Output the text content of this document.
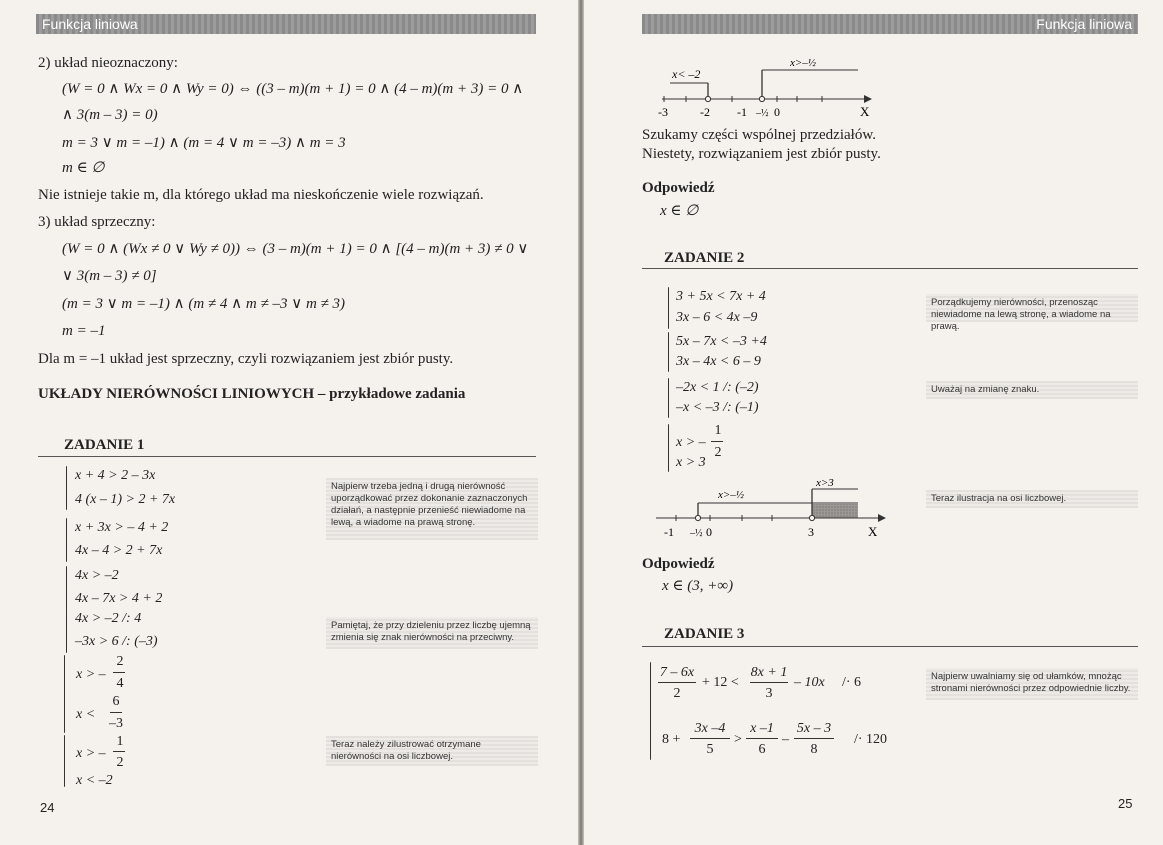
Funkcja liniowa
2) układ nieoznaczony:
(W = 0 ∧ Wx = 0 ∧ Wy = 0) ⇔ ((3 – m)(m + 1) = 0 ∧ (4 – m)(m + 3) = 0 ∧
∧ 3(m – 3) = 0)
m = 3 ∨ m = –1) ∧ (m = 4 ∨ m = –3) ∧ m = 3
m ∈ ∅
Nie istnieje takie m, dla którego układ ma nieskończenie wiele rozwiązań.
3) układ sprzeczny:
(W = 0 ∧ (Wx ≠ 0 ∨ Wy ≠ 0)) ⇔ (3 – m)(m + 1) = 0 ∧ [(4 – m)(m + 3) ≠ 0 ∨
∨ 3(m – 3) ≠ 0]
(m = 3 ∨ m = –1) ∧ (m ≠ 4 ∧ m ≠ –3 ∨ m ≠ 3)
m = –1
Dla m = –1 układ jest sprzeczny, czyli rozwiązaniem jest zbiór pusty.
UKŁADY NIERÓWNOŚCI LINIOWYCH – przykładowe zadania
ZADANIE 1
x + 4 > 2 – 3x
4 (x – 1) > 2 + 7x
x + 3x > – 4 + 2
4x – 4 > 2 + 7x
4x > –2
4x – 7x > 4 + 2
4x > –2 /: 4
–3x > 6 /: (–3)
x > –
2
4
x <
6
–3
x > –
1
2
x < –2
Najpierw trzeba jedną i drugą nierówność uporządkować przez dokonanie zaznaczonych działań, a następnie przenieść niewiadome na lewą, a wiadome na prawą stronę.
Pamiętaj, że przy dzieleniu przez liczbę ujemną zmienia się znak nierówności na przeciwny.
Teraz należy zilustrować otrzymane nierówności na osi liczbowej.
24
Funkcja liniowa
x< –2
x>–½
-3	-2 -1 –½ 0	X
Szukamy części wspólnej przedziałów.
Niestety, rozwiązaniem jest zbiór pusty.
Odpowiedź
x ∈ ∅
ZADANIE 2
3 + 5x < 7x + 4
3x – 6 < 4x –9
5x – 7x < –3 +4
3x – 4x < 6 – 9
–2x < 1 /: (–2)
–x < –3 /: (–1)
x > –
1
2
x > 3
Porządkujemy nierówności, przenosząc niewiadome na lewą stronę, a wiadome na prawą.
Uważaj na zmianę znaku.
Teraz ilustracja na osi liczbowej.
x>–½
x>3
-1 –½ 0	3	X
Odpowiedź
x ∈ (3, +∞)
ZADANIE 3
7 – 6x
2
+ 12 <
8x + 1
3
– 10x /· 6
8 +
3x –4
5
>
x –1
6
–
5x – 3
8
/· 120
Najpierw uwalniamy się od ułamków, mnożąc stronami nierówności przez odpowiednie liczby.
25
